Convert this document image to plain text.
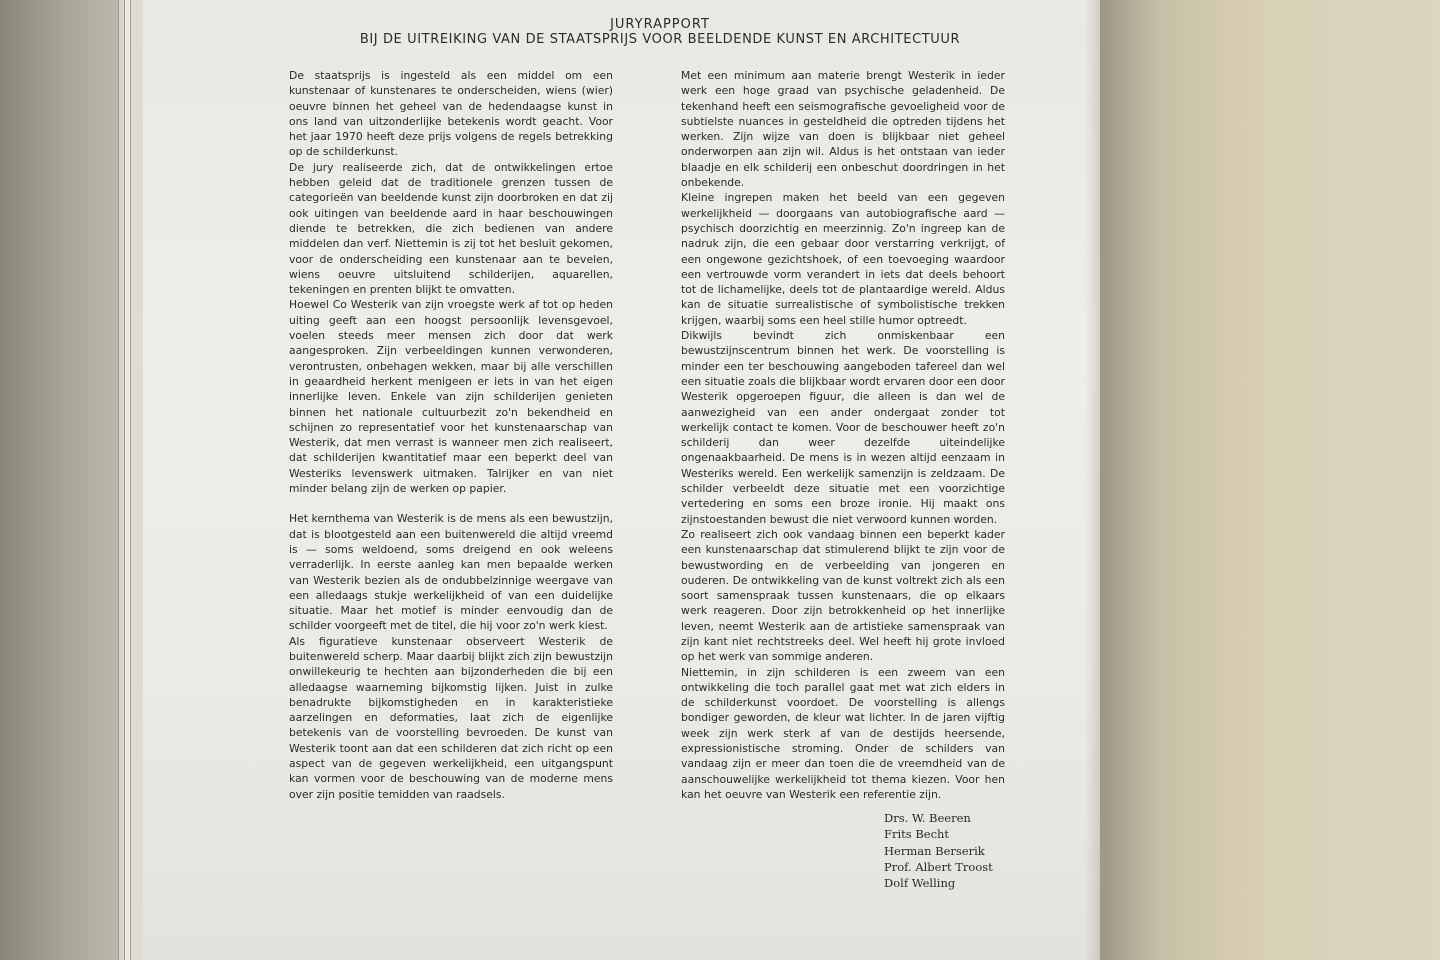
JURYRAPPORT
BIJ DE UITREIKING VAN DE STAATSPRIJS VOOR BEELDENDE KUNST EN ARCHITECTUUR

De staatsprijs is ingesteld als een middel om een kunstenaar of kunstenares te onderscheiden, wiens (wier) oeuvre binnen het geheel van de hedendaagse kunst in ons land van uitzonderlijke betekenis wordt geacht. Voor het jaar 1970 heeft deze prijs volgens de regels betrekking op de schilderkunst.

De jury realiseerde zich, dat de ontwikkelingen ertoe hebben geleid dat de traditionele grenzen tussen de categorieën van beeldende kunst zijn doorbroken en dat zij ook uitingen van beeldende aard in haar beschouwingen diende te betrekken, die zich bedienen van andere middelen dan verf. Niettemin is zij tot het besluit gekomen, voor de onderscheiding een kunstenaar aan te bevelen, wiens oeuvre uitsluitend schilderijen, aquarellen, tekeningen en prenten blijkt te omvatten.

Hoewel Co Westerik van zijn vroegste werk af tot op heden uiting geeft aan een hoogst persoonlijk levensgevoel, voelen steeds meer mensen zich door dat werk aangesproken. Zijn verbeeldingen kunnen verwonderen, verontrusten, onbehagen wekken, maar bij alle verschillen in geaardheid herkent menigeen er iets in van het eigen innerlijke leven. Enkele van zijn schilderijen genieten binnen het nationale cultuurbezit zo'n bekendheid en schijnen zo representatief voor het kunstenaarschap van Westerik, dat men verrast is wanneer men zich realiseert, dat schilderijen kwantitatief maar een beperkt deel van Westeriks levenswerk uitmaken. Talrijker en van niet minder belang zijn de werken op papier.

Het kernthema van Westerik is de mens als een bewustzijn, dat is blootgesteld aan een buitenwereld die altijd vreemd is — soms weldoend, soms dreigend en ook weleens verraderlijk. In eerste aanleg kan men bepaalde werken van Westerik bezien als de ondubbelzinnige weergave van een alledaags stukje werkelijkheid of van een duidelijke situatie. Maar het motief is minder eenvoudig dan de schilder voorgeeft met de titel, die hij voor zo'n werk kiest.

Als figuratieve kunstenaar observeert Westerik de buitenwereld scherp. Maar daarbij blijkt zich zijn bewustzijn onwillekeurig te hechten aan bijzonderheden die bij een alledaagse waarneming bijkomstig lijken. Juist in zulke benadrukte bijkomstigheden en in karakteristieke aarzelingen en deformaties, laat zich de eigenlijke betekenis van de voorstelling bevroeden. De kunst van Westerik toont aan dat een schilderen dat zich richt op een aspect van de gegeven werkelijkheid, een uitgangspunt kan vormen voor de beschouwing van de moderne mens over zijn positie temidden van raadsels.

Met een minimum aan materie brengt Westerik in ieder werk een hoge graad van psychische geladenheid. De tekenhand heeft een seismografische gevoeligheid voor de subtielste nuances in gesteldheid die optreden tijdens het werken. Zijn wijze van doen is blijkbaar niet geheel onderworpen aan zijn wil. Aldus is het ontstaan van ieder blaadje en elk schilderij een onbeschut doordringen in het onbekende.

Kleine ingrepen maken het beeld van een gegeven werkelijkheid — doorgaans van autobiografische aard — psychisch doorzichtig en meerzinnig. Zo'n ingreep kan de nadruk zijn, die een gebaar door verstarring verkrijgt, of een ongewone gezichtshoek, of een toevoeging waardoor een vertrouwde vorm verandert in iets dat deels behoort tot de lichamelijke, deels tot de plantaardige wereld. Aldus kan de situatie surrealistische of symbolistische trekken krijgen, waarbij soms een heel stille humor optreedt.

Dikwijls bevindt zich onmiskenbaar een bewustzijnscentrum binnen het werk. De voorstelling is minder een ter beschouwing aangeboden tafereel dan wel een situatie zoals die blijkbaar wordt ervaren door een door Westerik opgeroepen figuur, die alleen is dan wel de aanwezigheid van een ander ondergaat zonder tot werkelijk contact te komen. Voor de beschouwer heeft zo'n schilderij dan weer dezelfde uiteindelijke ongenaakbaarheid. De mens is in wezen altijd eenzaam in Westeriks wereld. Een werkelijk samenzijn is zeldzaam. De schilder verbeeldt deze situatie met een voorzichtige vertedering en soms een broze ironie. Hij maakt ons zijnstoestanden bewust die niet verwoord kunnen worden.

Zo realiseert zich ook vandaag binnen een beperkt kader een kunstenaarschap dat stimulerend blijkt te zijn voor de bewustwording en de verbeelding van jongeren en ouderen. De ontwikkeling van de kunst voltrekt zich als een soort samenspraak tussen kunstenaars, die op elkaars werk reageren. Door zijn betrokkenheid op het innerlijke leven, neemt Westerik aan de artistieke samenspraak van zijn kant niet rechtstreeks deel. Wel heeft hij grote invloed op het werk van sommige anderen.

Niettemin, in zijn schilderen is een zweem van een ontwikkeling die toch parallel gaat met wat zich elders in de schilderkunst voordoet. De voorstelling is allengs bondiger geworden, de kleur wat lichter. In de jaren vijftig week zijn werk sterk af van de destijds heersende, expressionistische stroming. Onder de schilders van vandaag zijn er meer dan toen die de vreemdheid van de aanschouwelijke werkelijkheid tot thema kiezen. Voor hen kan het oeuvre van Westerik een referentie zijn.

Drs. W. Beeren
Frits Becht
Herman Berserik
Prof. Albert Troost
Dolf Welling
